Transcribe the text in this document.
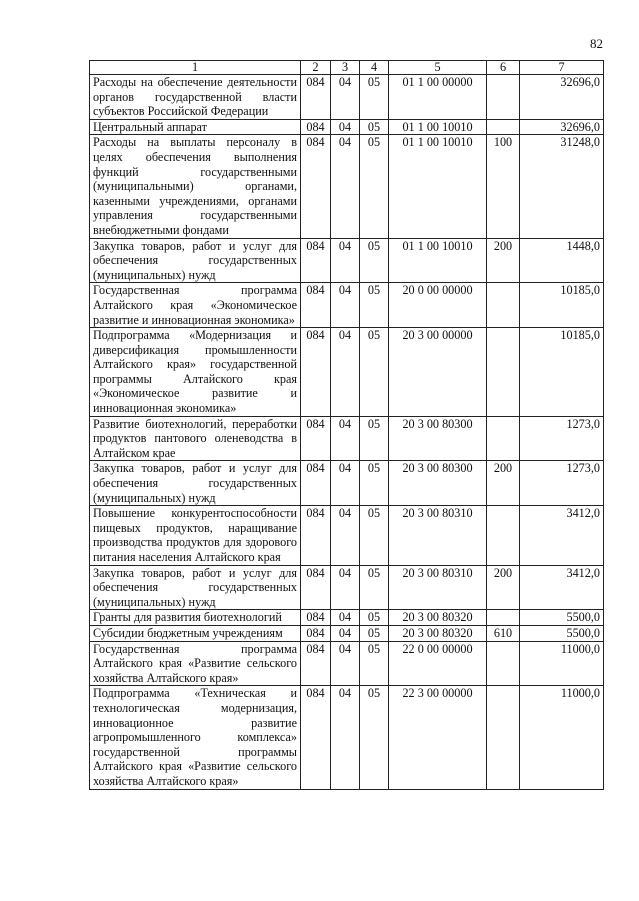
82
1	2	3	4	5	6	7
Расходы на обеспечение деятельности органов государственной власти субъектов Российской Федерации	084	04	05	01 1 00 00000		32696,0
Центральный аппарат	084	04	05	01 1 00 10010		32696,0
Расходы на выплаты персоналу в целях обеспечения выполнения функций государственными (муниципальными) органами, казенными учреждениями, органами управления государственными внебюджетными фондами	084	04	05	01 1 00 10010	100	31248,0
Закупка товаров, работ и услуг для обеспечения государственных (муниципальных) нужд	084	04	05	01 1 00 10010	200	1448,0
Государственная программа Алтайского края «Экономическое развитие и инновационная экономика»	084	04	05	20 0 00 00000		10185,0
Подпрограмма «Модернизация и диверсификация промышленности Алтайского края» государственной программы Алтайского края «Экономическое развитие и инновационная экономика»	084	04	05	20 3 00 00000		10185,0
Развитие биотехнологий, переработки продуктов пантового оленеводства в Алтайском крае	084	04	05	20 3 00 80300		1273,0
Закупка товаров, работ и услуг для обеспечения государственных (муниципальных) нужд	084	04	05	20 3 00 80300	200	1273,0
Повышение конкурентоспособности пищевых продуктов, наращивание производства продуктов для здорового питания населения Алтайского края	084	04	05	20 3 00 80310		3412,0
Закупка товаров, работ и услуг для обеспечения государственных (муниципальных) нужд	084	04	05	20 3 00 80310	200	3412,0
Гранты для развития биотехнологий	084	04	05	20 3 00 80320		5500,0
Субсидии бюджетным учреждениям	084	04	05	20 3 00 80320	610	5500,0
Государственная программа Алтайского края «Развитие сельского хозяйства Алтайского края»	084	04	05	22 0 00 00000		11000,0
Подпрограмма «Техническая и технологическая модернизация, инновационное развитие агропромышленного комплекса» государственной программы Алтайского края «Развитие сельского хозяйства Алтайского края»	084	04	05	22 3 00 00000		11000,0
